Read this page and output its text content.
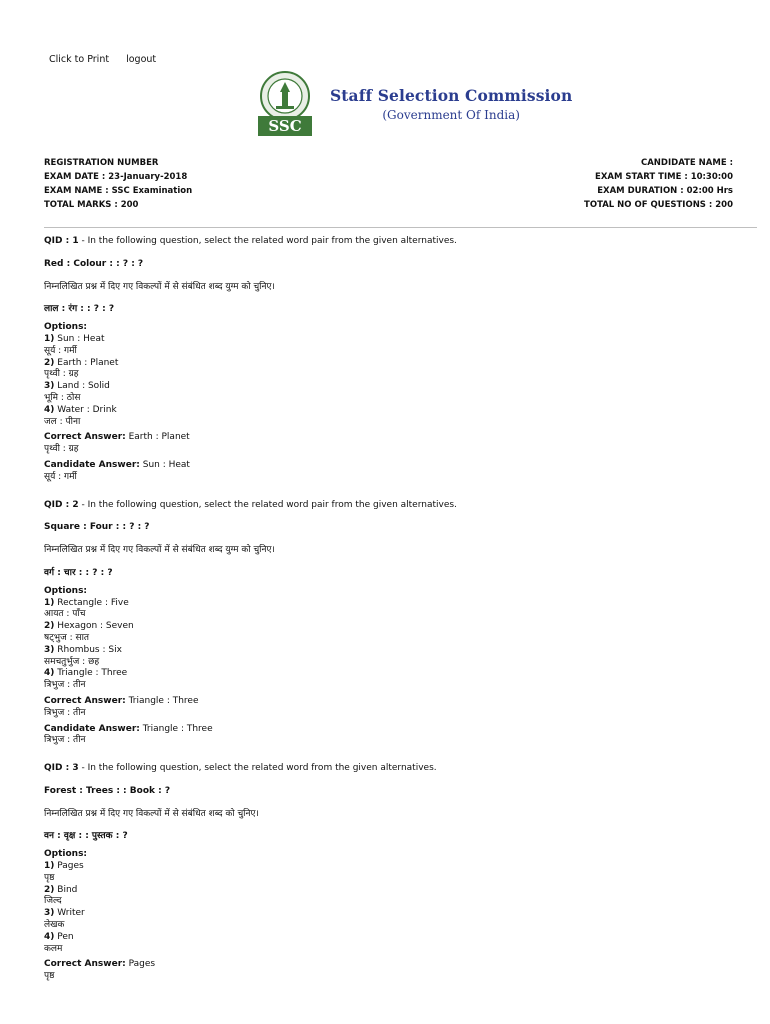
Click to Print logout
SSC
Staff Selection Commission
(Government Of India)
REGISTRATION NUMBER	CANDIDATE NAME :
EXAM DATE : 23-January-2018	EXAM START TIME : 10:30:00
EXAM NAME : SSC Examination	EXAM DURATION : 02:00 Hrs
TOTAL MARKS : 200	TOTAL NO OF QUESTIONS : 200
QID : 1 - In the following question, select the related word pair from the given alternatives.
Red : Colour : : ? : ?
निम्नलिखित प्रश्न में दिए गए विकल्पों में से संबंधित शब्द युग्म को चुनिए।
लाल : रंग : : ? : ?
Options:
1) Sun : Heat
सूर्य : गर्मी
2) Earth : Planet
पृथ्वी : ग्रह
3) Land : Solid
भूमि : ठोस
4) Water : Drink
जल : पीना
Correct Answer: Earth : Planet
पृथ्वी : ग्रह
Candidate Answer: Sun : Heat
सूर्य : गर्मी
QID : 2 - In the following question, select the related word pair from the given alternatives.
Square : Four : : ? : ?
निम्नलिखित प्रश्न में दिए गए विकल्पों में से संबंधित शब्द युग्म को चुनिए।
वर्ग : चार : : ? : ?
Options:
1) Rectangle : Five
आयत : पाँच
2) Hexagon : Seven
षट्भुज : सात
3) Rhombus : Six
समचतुर्भुज : छह
4) Triangle : Three
त्रिभुज : तीन
Correct Answer: Triangle : Three
त्रिभुज : तीन
Candidate Answer: Triangle : Three
त्रिभुज : तीन
QID : 3 - In the following question, select the related word from the given alternatives.
Forest : Trees : : Book : ?
निम्नलिखित प्रश्न में दिए गए विकल्पों में से संबंधित शब्द को चुनिए।
वन : वृक्ष : : पुस्तक : ?
Options:
1) Pages
पृष्ठ
2) Bind
जिल्द
3) Writer
लेखक
4) Pen
कलम
Correct Answer: Pages
पृष्ठ
